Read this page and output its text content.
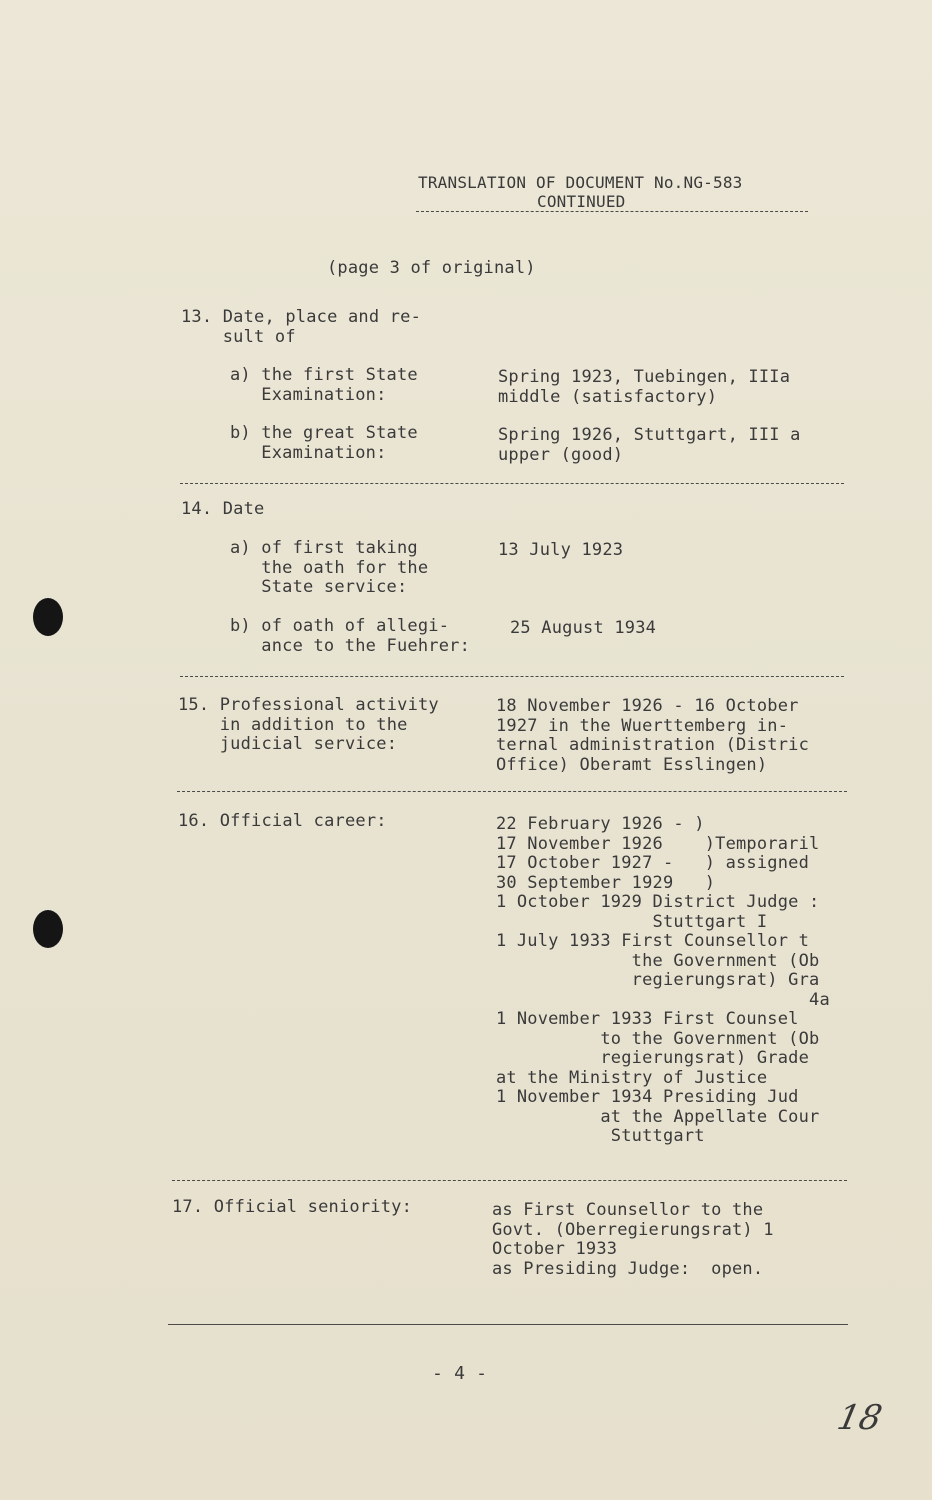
TRANSLATION OF DOCUMENT No.NG-583
CONTINUED
(page 3 of original)
13. Date, place and re-
sult of
a) the first State
Examination:
Spring 1923, Tuebingen, IIIa
middle (satisfactory)
b) the great State
Examination:
Spring 1926, Stuttgart, III a
upper (good)
14. Date
a) of first taking
the oath for the
State service:
13 July 1923
b) of oath of allegi-
ance to the Fuehrer:
25 August 1934
15. Professional activity
in addition to the
judicial service:
18 November 1926 - 16 October
1927 in the Wuerttemberg in-
ternal administration (Distric
Office) Oberamt Esslingen)
16. Official career:	22 February 1926 - )
17 November 1926    )Temporaril
17 October 1927 -   ) assigned
30 September 1929   )
1 October 1929 District Judge :
Stuttgart I
1 July 1933 First Counsellor t
the Government (Ob
regierungsrat) Gra
4a
1 November 1933 First Counsel
to the Government (Ob
regierungsrat) Grade
at the Ministry of Justice
1 November 1934 Presiding Jud
at the Appellate Cour
Stuttgart
17. Official seniority:	as First Counsellor to the
Govt. (Oberregierungsrat) 1
October 1933
as Presiding Judge:  open.
- 4 -
18
